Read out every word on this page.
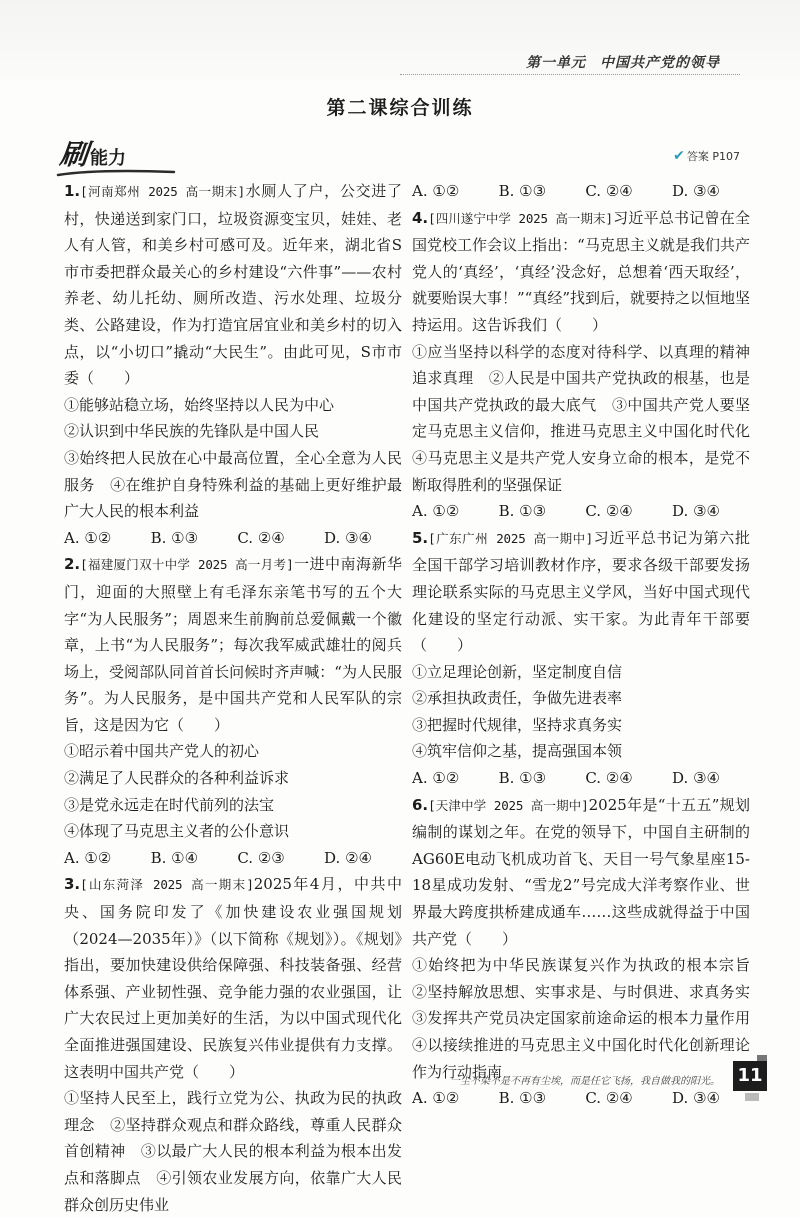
第一单元 中国共产党的领导
第二课综合训练
刷能力	✔ 答案 P107
1.[河南郑州 2025 高一期末]水厕人了户，公交进了村，快递送到家门口，垃圾资源变宝贝，娃娃、老人有人管，和美乡村可感可及。近年来，湖北省S市市委把群众最关心的乡村建设“六件事”——农村养老、幼儿托幼、厕所改造、污水处理、垃圾分类、公路建设，作为打造宜居宜业和美乡村的切入点，以“小切口”撬动“大民生”。由此可见，S市市委（　　）
①能够站稳立场，始终坚持以人民为中心
②认识到中华民族的先锋队是中国人民
③始终把人民放在心中最高位置，全心全意为人民服务　④在维护自身特殊利益的基础上更好维护最广大人民的根本利益
A. ①②	B. ①③	C. ②④	D. ③④
2.[福建厦门双十中学 2025 高一月考]一进中南海新华门，迎面的大照壁上有毛泽东亲笔书写的五个大字“为人民服务”；周恩来生前胸前总爱佩戴一个徽章，上书“为人民服务”；每次我军威武雄壮的阅兵场上，受阅部队同首首长问候时齐声喊：“为人民服务”。为人民服务，是中国共产党和人民军队的宗旨，这是因为它（　　）
①昭示着中国共产党人的初心
②满足了人民群众的各种利益诉求
③是党永远走在时代前列的法宝
④体现了马克思主义者的公仆意识
A. ①②	B. ①④	C. ②③	D. ②④
3.[山东菏泽 2025 高一期末]2025年4月，中共中央、国务院印发了《加快建设农业强国规划（2024—2035年）》（以下简称《规划》）。《规划》指出，要加快建设供给保障强、科技装备强、经营体系强、产业韧性强、竞争能力强的农业强国，让广大农民过上更加美好的生活，为以中国式现代化全面推进强国建设、民族复兴伟业提供有力支撑。这表明中国共产党（　　）
①坚持人民至上，践行立党为公、执政为民的执政理念　②坚持群众观点和群众路线，尊重人民群众首创精神　③以最广大人民的根本利益为根本出发点和落脚点　④引领农业发展方向，依靠广大人民群众创历史伟业
A. ①②	B. ①③	C. ②④	D. ③④
4.[四川遂宁中学 2025 高一期末]习近平总书记曾在全国党校工作会议上指出：“马克思主义就是我们共产党人的‘真经’，‘真经’没念好，总想着‘西天取经’，就要贻误大事！”“真经”找到后，就要持之以恒地坚持运用。这告诉我们（　　）
①应当坚持以科学的态度对待科学、以真理的精神追求真理　②人民是中国共产党执政的根基，也是中国共产党执政的最大底气　③中国共产党人要坚定马克思主义信仰，推进马克思主义中国化时代化　④马克思主义是共产党人安身立命的根本，是党不断取得胜利的坚强保证
A. ①②	B. ①③	C. ②④	D. ③④
5.[广东广州 2025 高一期中]习近平总书记为第六批全国干部学习培训教材作序，要求各级干部要发扬理论联系实际的马克思主义学风，当好中国式现代化建设的坚定行动派、实干家。为此青年干部要（　　）
①立足理论创新，坚定制度自信
②承担执政责任，争做先进表率
③把握时代规律，坚持求真务实
④筑牢信仰之基，提高强国本领
A. ①②	B. ①③	C. ②④	D. ③④
6.[天津中学 2025 高一期中]2025年是“十五五”规划编制的谋划之年。在党的领导下，中国自主研制的AG60E电动飞机成功首飞、天目一号气象星座15-18星成功发射、“雪龙2”号完成大洋考察作业、世界最大跨度拱桥建成通车……这些成就得益于中国共产党（　　）
①始终把为中华民族谋复兴作为执政的根本宗旨　②坚持解放思想、实事求是、与时俱进、求真务实　③发挥共产党员决定国家前途命运的根本力量作用　④以接续推进的马克思主义中国化时代化创新理论作为行动指南
A. ①②	B. ①③	C. ②④	D. ③④
一尘不染不是不再有尘埃，而是任它飞扬，我自做我的阳光。 11
